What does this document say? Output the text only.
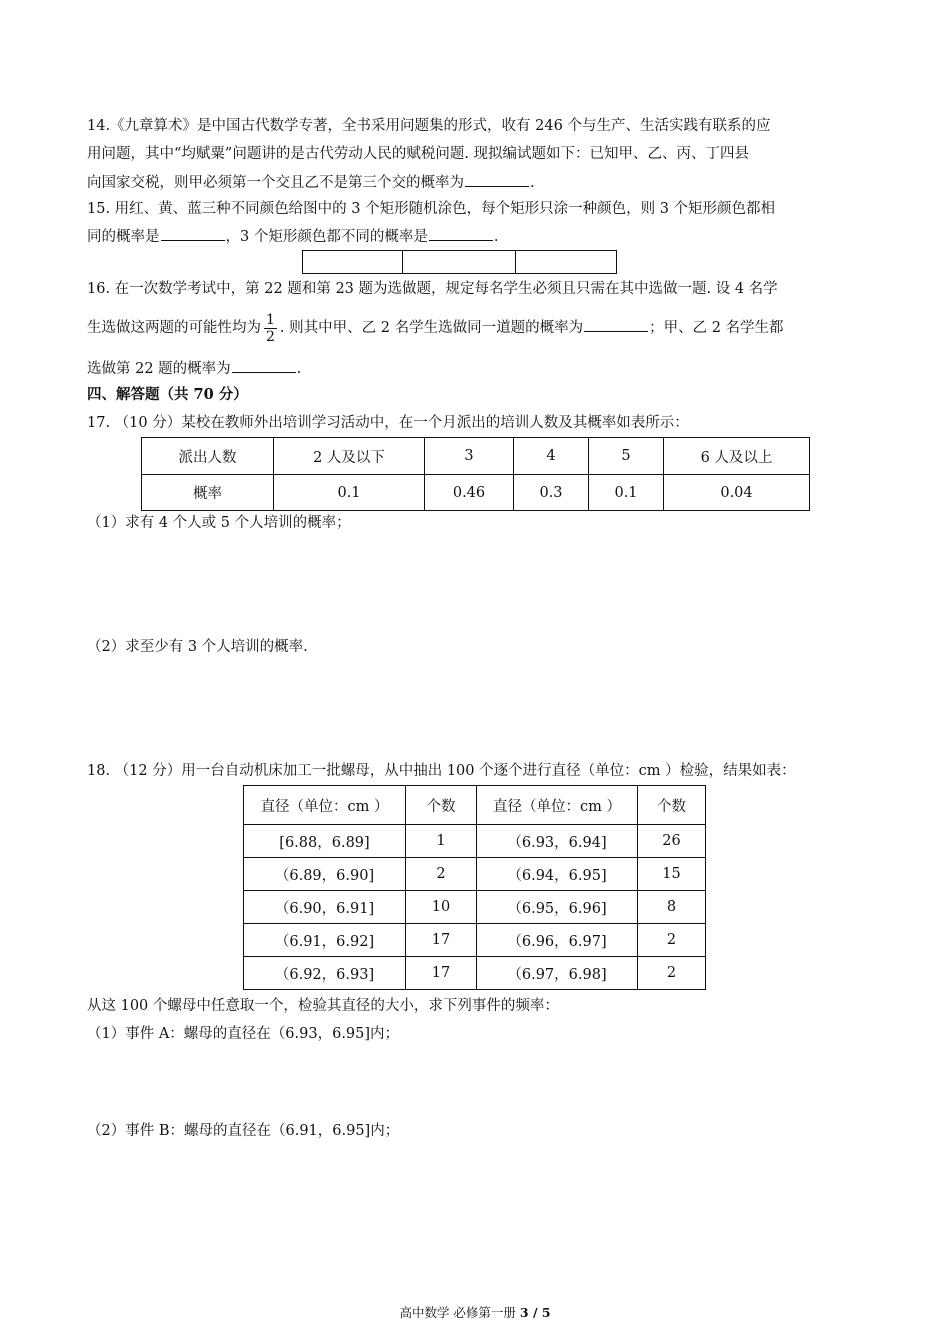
14.《九章算术》是中国古代数学专著，全书采用问题集的形式，收有 246 个与生产、生活实践有联系的应
用问题，其中“均赋粟”问题讲的是古代劳动人民的赋税问题. 现拟编试题如下：已知甲、乙、丙、丁四县
向国家交税，则甲必须第一个交且乙不是第三个交的概率为	.
15. 用红、黄、蓝三种不同颜色给图中的 3 个矩形随机涂色，每个矩形只涂一种颜色，则 3 个矩形颜色都相
同的概率是	，3 个矩形颜色都不同的概率是	.
16. 在一次数学考试中，第 22 题和第 23 题为选做题，规定每名学生必须且只需在其中选做一题. 设 4 名学
生选做这两题的可能性均为 $\frac{1}{2}$ . 则其中甲、乙 2 名学生选做同一道题的概率为	；甲、乙 2 名学生都
选做第 22 题的概率为	.
四、解答题（共 70 分）
17. （10 分）某校在教师外出培训学习活动中，在一个月派出的培训人数及其概率如表所示：
派出人数	2 人及以下	3	4	5	6 人及以上
概率	0.1	0.46	0.3	0.1	0.04
（1）求有 4 个人或 5 个人培训的概率；
（2）求至少有 3 个人培训的概率.
18. （12 分）用一台自动机床加工一批螺母，从中抽出 100 个逐个进行直径（单位：cm ）检验，结果如表：
直径（单位：cm ）	个数	直径（单位：cm ）	个数
[6.88，6.89]	1	（6.93，6.94]	26
（6.89，6.90]	2	（6.94，6.95]	15
（6.90，6.91]	10	（6.95，6.96]	8
（6.91，6.92]	17	（6.96，6.97]	2
（6.92，6.93]	17	（6.97，6.98]	2
从这 100 个螺母中任意取一个，检验其直径的大小，求下列事件的频率：
（1）事件 A：螺母的直径在（6.93，6.95]内；
（2）事件 B：螺母的直径在（6.91，6.95]内；
高中数学 必修第一册 3 / 5
